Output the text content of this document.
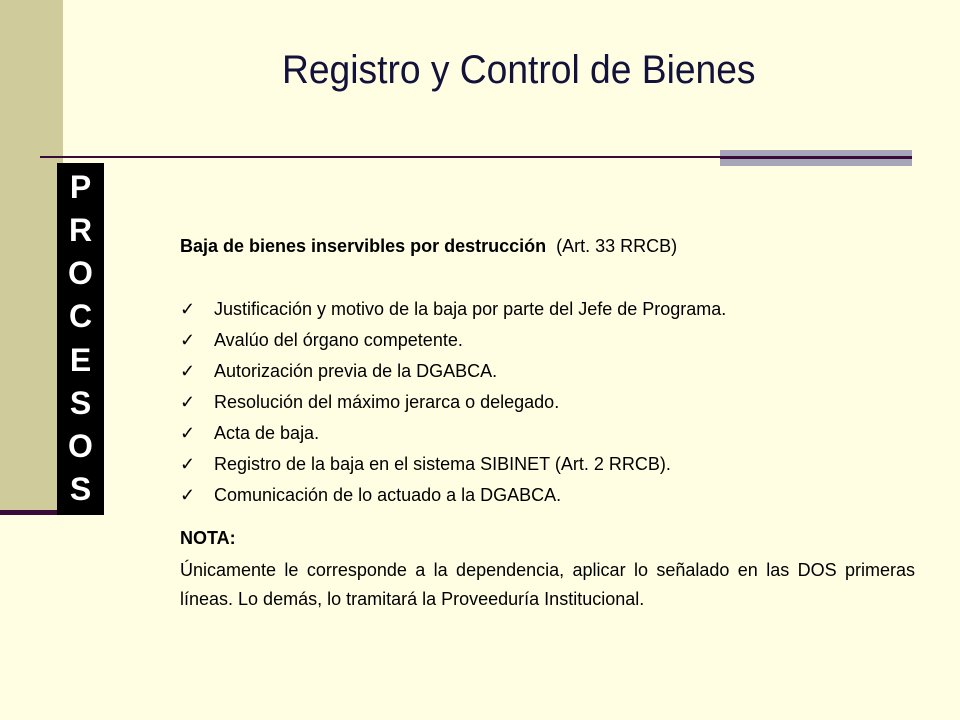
Registro y Control de Bienes
P
R
O
C
E
S
O
S
Baja de bienes inservibles por destrucción (Art. 33 RRCB)
✓ Justificación y motivo de la baja por parte del Jefe de Programa.
✓ Avalúo del órgano competente.
✓ Autorización previa de la DGABCA.
✓ Resolución del máximo jerarca o delegado.
✓ Acta de baja.
✓ Registro de la baja en el sistema SIBINET (Art. 2 RRCB).
✓ Comunicación de lo actuado a la DGABCA.
NOTA:
Únicamente le corresponde a la dependencia, aplicar lo señalado en las DOS primeras líneas. Lo demás, lo tramitará la Proveeduría Institucional.
